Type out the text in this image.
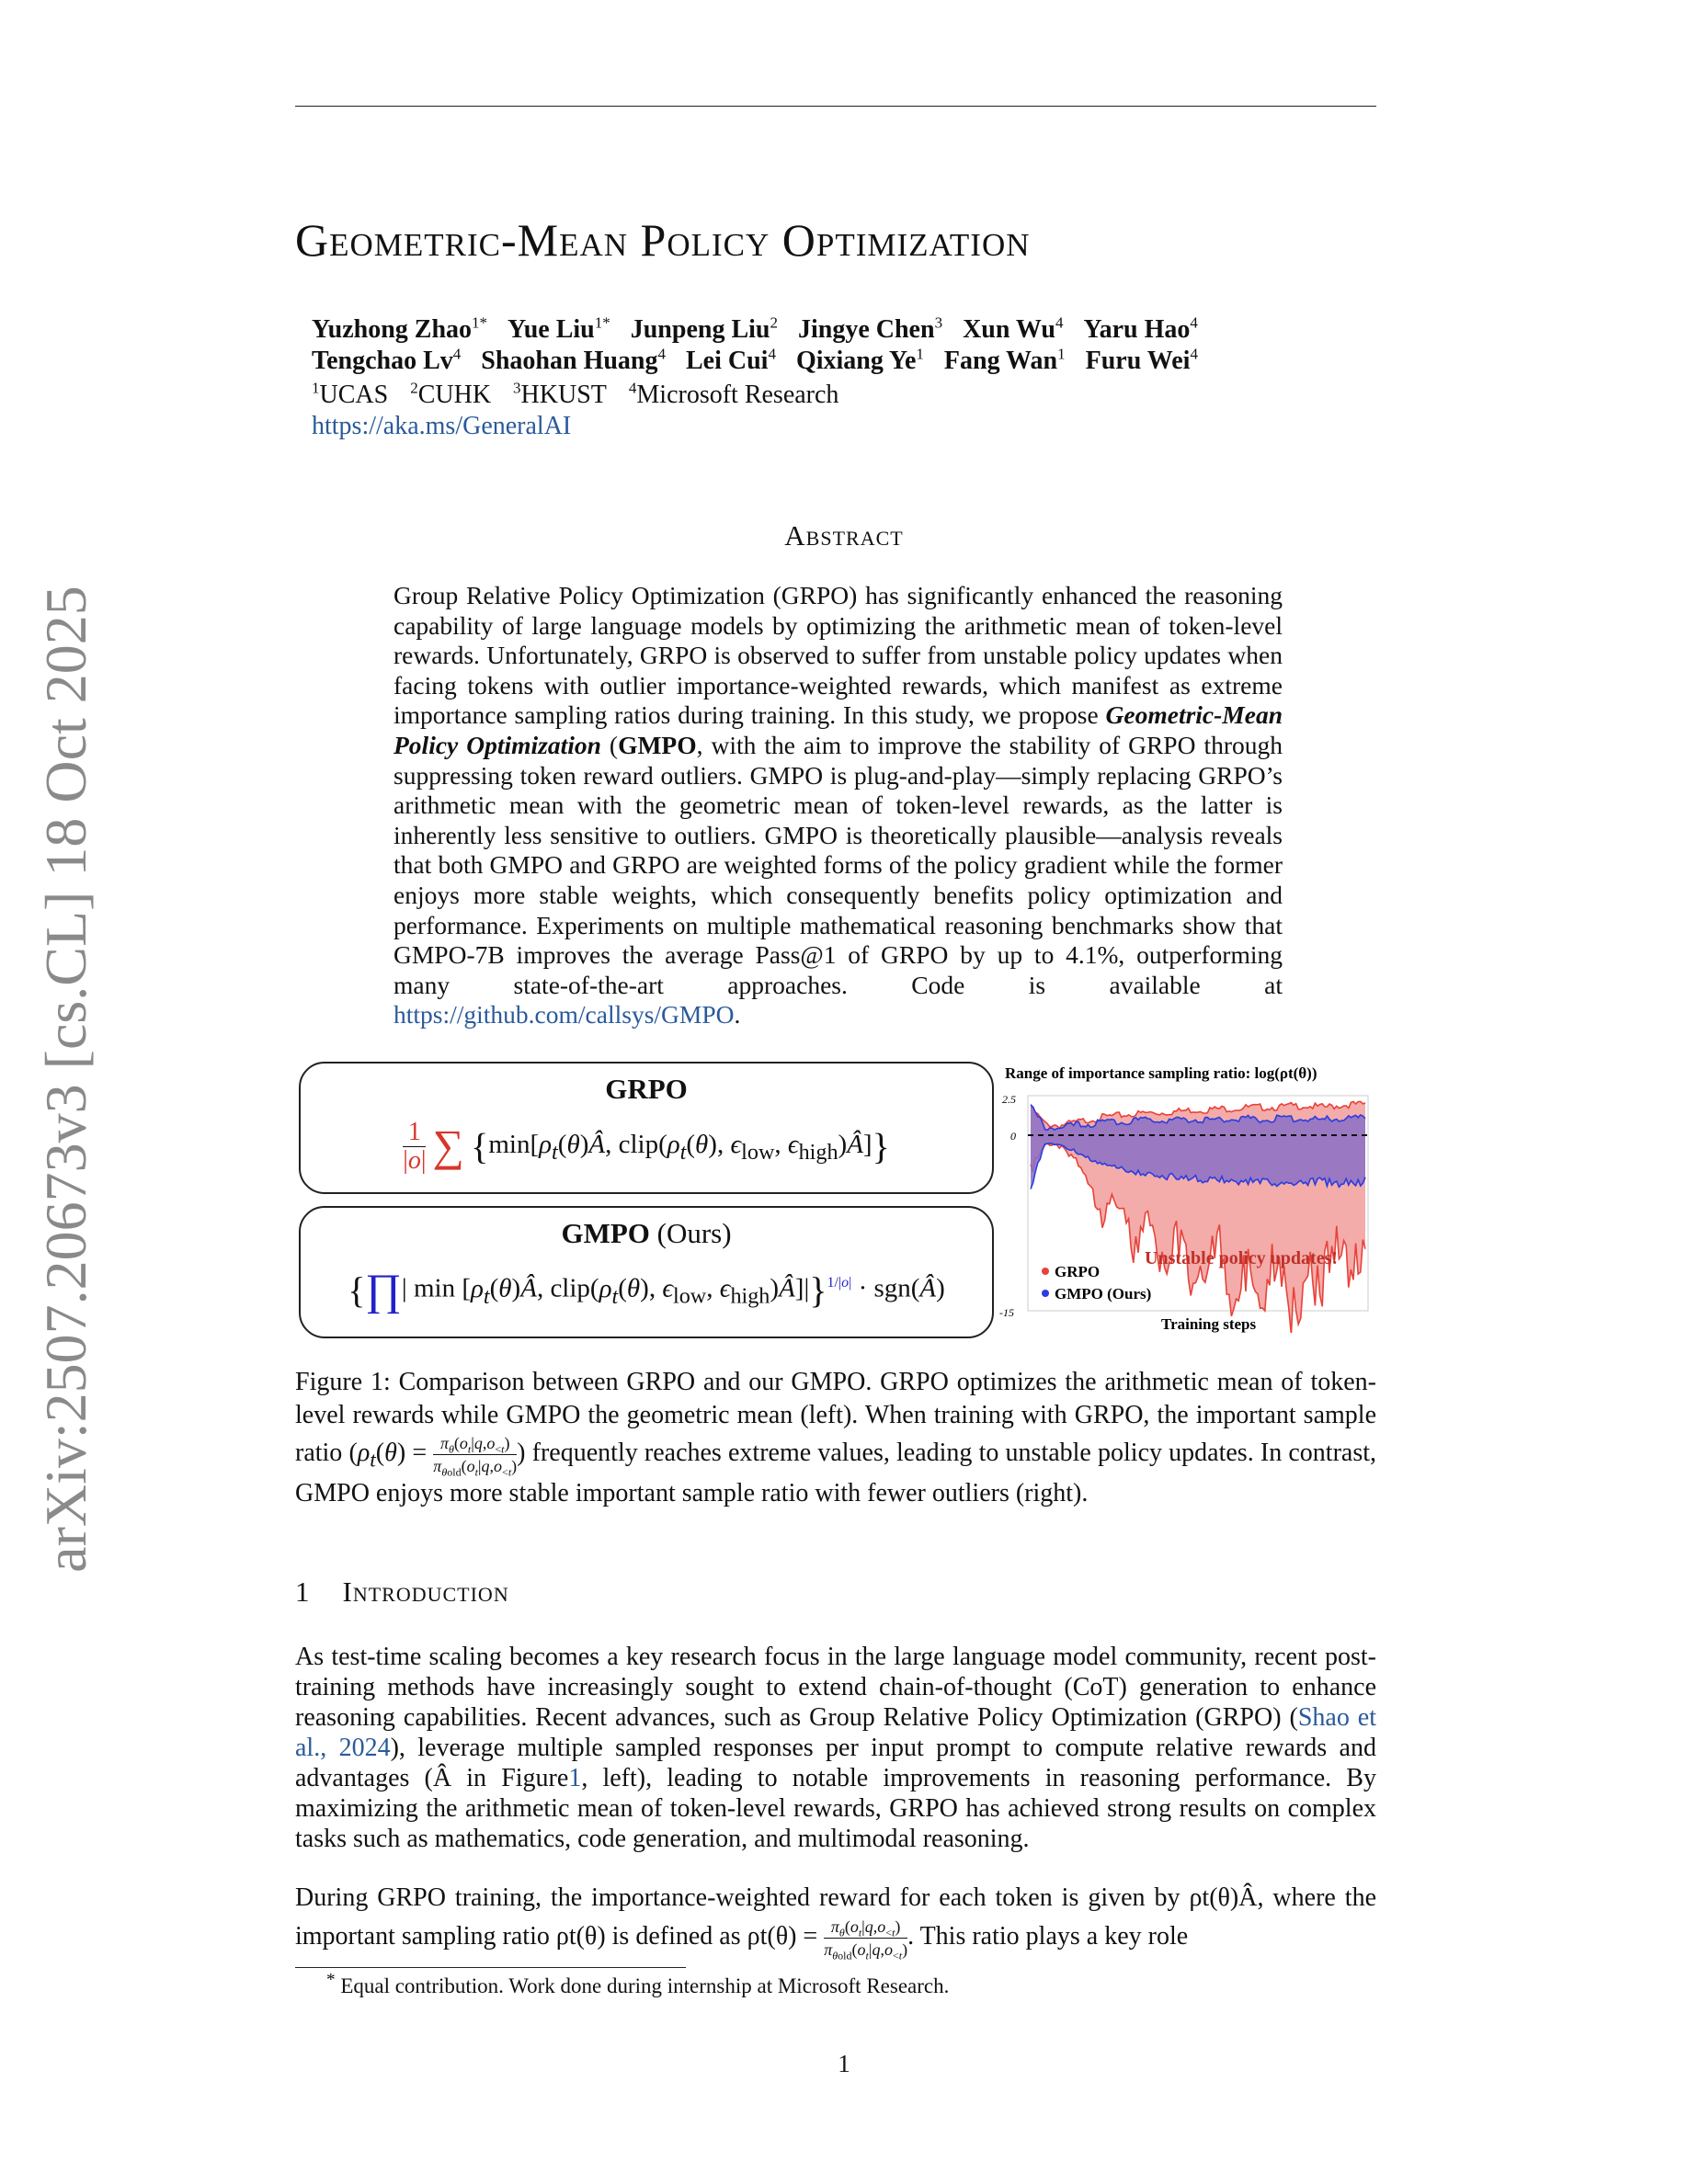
arXiv:2507.20673v3 [cs.CL] 18 Oct 2025
Geometric-Mean Policy Optimization
Yuzhong Zhao$^{1*}$ Yue Liu$^{1*}$ Junpeng Liu$^2$ Jingye Chen$^3$ Xun Wu$^4$ Yaru Hao$^4$
Tengchao Lv$^4$ Shaohan Huang$^4$ Lei Cui$^4$ Qixiang Ye$^1$ Fang Wan$^1$ Furu Wei$^4$
$^1$UCAS $^2$CUHK $^3$HKUST $^4$Microsoft Research
https://aka.ms/GeneralAI
Abstract
Group Relative Policy Optimization (GRPO) has significantly enhanced the reasoning capability of large language models by optimizing the arithmetic mean of token-level rewards. Unfortunately, GRPO is observed to suffer from unstable policy updates when facing tokens with outlier importance-weighted rewards, which manifest as extreme importance sampling ratios during training. In this study, we propose Geometric-Mean Policy Optimization (GMPO, with the aim to improve the stability of GRPO through suppressing token reward outliers. GMPO is plug-and-play—simply replacing GRPO’s arithmetic mean with the geometric mean of token-level rewards, as the latter is inherently less sensitive to outliers. GMPO is theoretically plausible—analysis reveals that both GMPO and GRPO are weighted forms of the policy gradient while the former enjoys more stable weights, which consequently benefits policy optimization and performance. Experiments on multiple mathematical reasoning benchmarks show that GMPO-7B improves the average Pass@1 of GRPO by up to 4.1%, outperforming many state-of-the-art approaches. Code is available at https://github.com/callsys/GMPO.
GRPO
$\frac{1}{|o|}$ ∑ {$\min[\rho_t(\theta)Â$, $clip(\rho_t(\theta)$, $\epsilon_{low}$, $\epsilon_{high})Â$]}
GMPO (Ours)
{∏| $\min [\rho_t(\theta)Â$, $clip(\rho_t(\theta)$, $\epsilon_{low}$, $\epsilon_{high})Â]|\}^{1/|o|}$ · sgn(Â)
Range of importance sampling ratio: log(ρt(θ))
2.5
0
-15
Unstable policy updates!
GRPO
GMPO (Ours)
Training steps
Figure 1: Comparison between GRPO and our GMPO. GRPO optimizes the arithmetic mean of token-level rewards while GMPO the geometric mean (left). When training with GRPO, the important sample ratio ($\rho_t(\theta) = \frac{\pi_\theta(o_t|q,o_{<t})}{\pi_{\theta old}(o_t|q,o_{<t})}$ ) frequently reaches extreme values, leading to unstable policy updates. In contrast, GMPO enjoys more stable important sample ratio with fewer outliers (right).
1 Introduction
As test-time scaling becomes a key research focus in the large language model community, recent post-training methods have increasingly sought to extend chain-of-thought (CoT) generation to enhance reasoning capabilities. Recent advances, such as Group Relative Policy Optimization (GRPO) (Shao et al., 2024), leverage multiple sampled responses per input prompt to compute relative rewards and advantages (Â in Figure1, left), leading to notable improvements in reasoning performance. By maximizing the arithmetic mean of token-level rewards, GRPO has achieved strong results on complex tasks such as mathematics, code generation, and multimodal reasoning.
During GRPO training, the importance-weighted reward for each token is given by ρt(θ)Â, where the important sampling ratio ρt(θ) is defined as $\rho t(\theta) = \frac{\pi_\theta(o_t|q,o_{<t})}{\pi_{\theta old}(o_t|q,o_{<t})}$ . This ratio plays a key role
* Equal contribution. Work done during internship at Microsoft Research.
1
